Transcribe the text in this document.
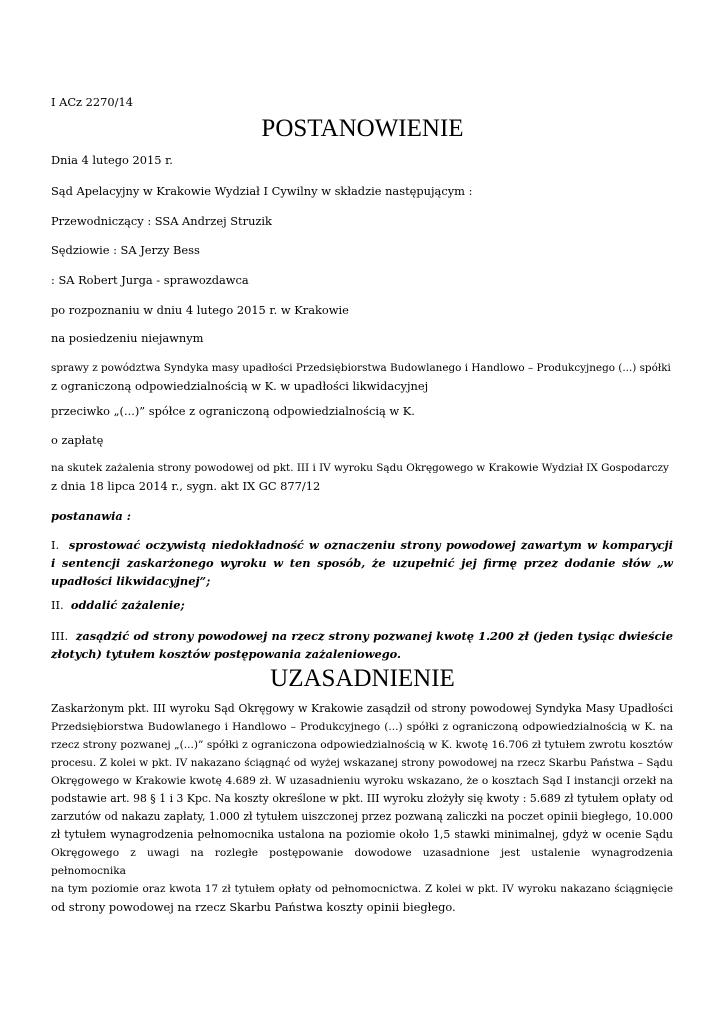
I ACz 2270/14

POSTANOWIENIE

Dnia 4 lutego 2015 r.

Sąd Apelacyjny w Krakowie Wydział I Cywilny w składzie następującym :

Przewodniczący : SSA Andrzej Struzik

Sędziowie : SA Jerzy Bess

: SA Robert Jurga - sprawozdawca

po rozpoznaniu w dniu 4 lutego 2015 r. w Krakowie

na posiedzeniu niejawnym

sprawy z powództwa Syndyka masy upadłości Przedsiębiorstwa Budowlanego i Handlowo – Produkcyjnego (...) spółki
z ograniczoną odpowiedzialnością w K. w upadłości likwidacyjnej

przeciwko „(...)” spółce z ograniczoną odpowiedzialnością w K.

o zapłatę

na skutek zażalenia strony powodowej od pkt. III i IV wyroku Sądu Okręgowego w Krakowie Wydział IX Gospodarczy
z dnia 18 lipca 2014 r., sygn. akt IX GC 877/12

postanawia :

I. sprostować oczywistą niedokładność w oznaczeniu strony powodowej zawartym w komparycji
i sentencji zaskarżonego wyroku w ten sposób, że uzupełnić jej firmę przez dodanie słów „w
upadłości likwidacyjnej”;

II. oddalić zażalenie;

III. zasądzić od strony powodowej na rzecz strony pozwanej kwotę 1.200 zł (jeden tysiąc dwieście
złotych) tytułem kosztów postępowania zażaleniowego.
UZASADNIENIE
Zaskarżonym pkt. III wyroku Sąd Okręgowy w Krakowie zasądził od strony powodowej Syndyka Masy Upadłości
Przedsiębiorstwa Budowlanego i Handlowo – Produkcyjnego (...) spółki z ograniczoną odpowiedzialnością w K. na
rzecz strony pozwanej „(...)” spółki z ograniczona odpowiedzialnością w K. kwotę 16.706 zł tytułem zwrotu kosztów
procesu. Z kolei w pkt. IV nakazano ściągnąć od wyżej wskazanej strony powodowej na rzecz Skarbu Państwa – Sądu
Okręgowego w Krakowie kwotę 4.689 zł. W uzasadnieniu wyroku wskazano, że o kosztach Sąd I instancji orzekł na
podstawie art. 98 § 1 i 3 Kpc. Na koszty określone w pkt. III wyroku złożyły się kwoty : 5.689 zł tytułem opłaty od
zarzutów od nakazu zapłaty, 1.000 zł tytułem uiszczonej przez pozwaną zaliczki na poczet opinii biegłego, 10.000
zł tytułem wynagrodzenia pełnomocnika ustalona na poziomie około 1,5 stawki minimalnej, gdyż w ocenie Sądu
Okręgowego z uwagi na rozległe postępowanie dowodowe uzasadnione jest ustalenie wynagrodzenia pełnomocnika
na tym poziomie oraz kwota 17 zł tytułem opłaty od pełnomocnictwa. Z kolei w pkt. IV wyroku nakazano ściągnięcie
od strony powodowej na rzecz Skarbu Państwa koszty opinii biegłego.
